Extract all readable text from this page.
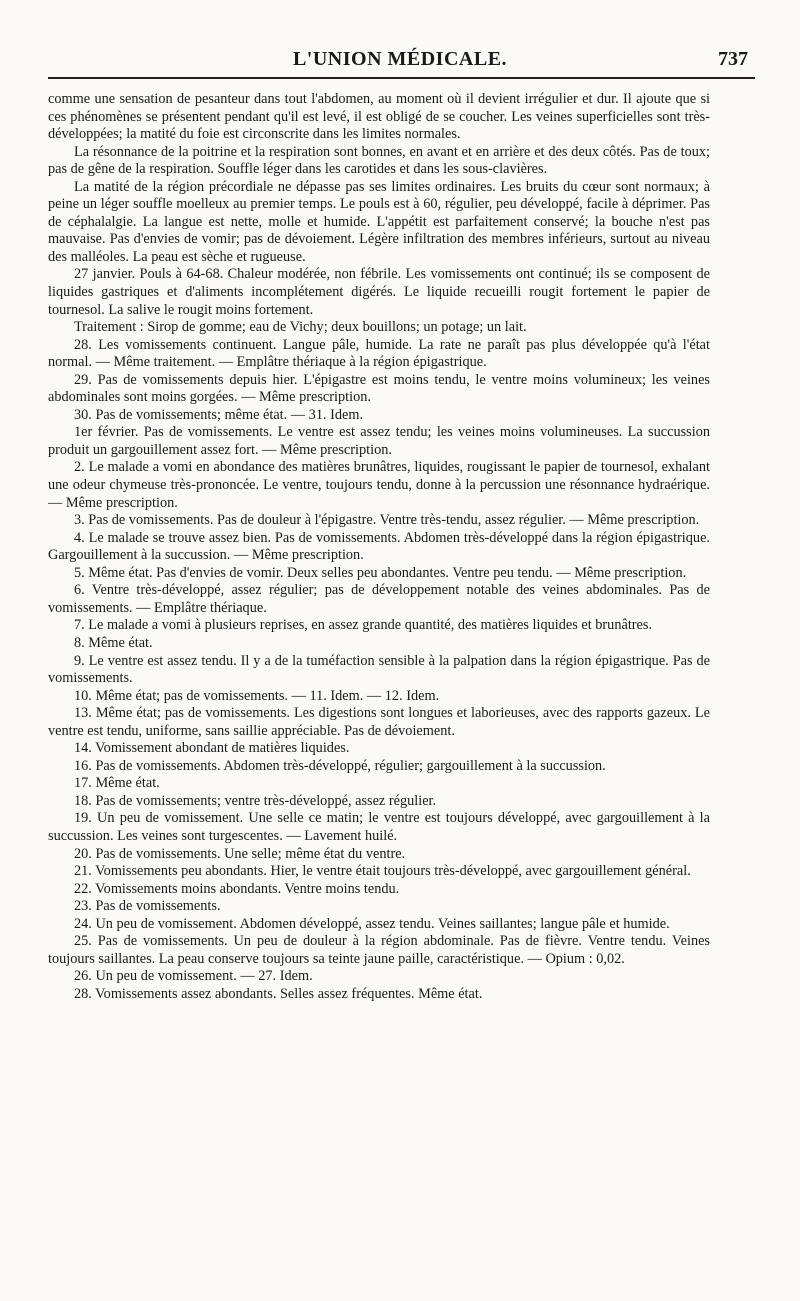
L'UNION MÉDICALE.	737

comme une sensation de pesanteur dans tout l'abdomen, au moment où il devient irrégulier et dur. Il ajoute que si ces phénomènes se présentent pendant qu'il est levé, il est obligé de se coucher. Les veines superficielles sont très-développées; la matité du foie est circonscrite dans les limites normales.

La résonnance de la poitrine et la respiration sont bonnes, en avant et en arrière et des deux côtés. Pas de toux; pas de gêne de la respiration. Souffle léger dans les carotides et dans les sous-clavières.

La matité de la région précordiale ne dépasse pas ses limites ordinaires. Les bruits du cœur sont normaux; à peine un léger souffle moelleux au premier temps. Le pouls est à 60, régulier, peu développé, facile à déprimer. Pas de céphalalgie. La langue est nette, molle et humide. L'appétit est parfaitement conservé; la bouche n'est pas mauvaise. Pas d'envies de vomir; pas de dévoiement. Légère infiltration des membres inférieurs, surtout au niveau des malléoles. La peau est sèche et rugueuse.

27 janvier. Pouls à 64-68. Chaleur modérée, non fébrile. Les vomissements ont continué; ils se composent de liquides gastriques et d'aliments incomplétement digérés. Le liquide recueilli rougit fortement le papier de tournesol. La salive le rougit moins fortement.

Traitement : Sirop de gomme; eau de Vichy; deux bouillons; un potage; un lait.

28. Les vomissements continuent. Langue pâle, humide. La rate ne paraît pas plus développée qu'à l'état normal. — Même traitement. — Emplâtre thériaque à la région épigastrique.

29. Pas de vomissements depuis hier. L'épigastre est moins tendu, le ventre moins volumineux; les veines abdominales sont moins gorgées. — Même prescription.

30. Pas de vomissements; même état. — 31. Idem.

1er février. Pas de vomissements. Le ventre est assez tendu; les veines moins volumineuses. La succussion produit un gargouillement assez fort. — Même prescription.

2. Le malade a vomi en abondance des matières brunâtres, liquides, rougissant le papier de tournesol, exhalant une odeur chymeuse très-prononcée. Le ventre, toujours tendu, donne à la percussion une résonnance hydraérique. — Même prescription.

3. Pas de vomissements. Pas de douleur à l'épigastre. Ventre très-tendu, assez régulier. — Même prescription.

4. Le malade se trouve assez bien. Pas de vomissements. Abdomen très-développé dans la région épigastrique. Gargouillement à la succussion. — Même prescription.

5. Même état. Pas d'envies de vomir. Deux selles peu abondantes. Ventre peu tendu. — Même prescription.

6. Ventre très-développé, assez régulier; pas de développement notable des veines abdominales. Pas de vomissements. — Emplâtre thériaque.

7. Le malade a vomi à plusieurs reprises, en assez grande quantité, des matières liquides et brunâtres.

8. Même état.

9. Le ventre est assez tendu. Il y a de la tuméfaction sensible à la palpation dans la région épigastrique. Pas de vomissements.

10. Même état; pas de vomissements. — 11. Idem. — 12. Idem.

13. Même état; pas de vomissements. Les digestions sont longues et laborieuses, avec des rapports gazeux. Le ventre est tendu, uniforme, sans saillie appréciable. Pas de dévoiement.

14. Vomissement abondant de matières liquides.

16. Pas de vomissements. Abdomen très-développé, régulier; gargouillement à la succussion.

17. Même état.

18. Pas de vomissements; ventre très-développé, assez régulier.

19. Un peu de vomissement. Une selle ce matin; le ventre est toujours développé, avec gargouillement à la succussion. Les veines sont turgescentes. — Lavement huilé.

20. Pas de vomissements. Une selle; même état du ventre.

21. Vomissements peu abondants. Hier, le ventre était toujours très-développé, avec gargouillement général.

22. Vomissements moins abondants. Ventre moins tendu.

23. Pas de vomissements.

24. Un peu de vomissement. Abdomen développé, assez tendu. Veines saillantes; langue pâle et humide.

25. Pas de vomissements. Un peu de douleur à la région abdominale. Pas de fièvre. Ventre tendu. Veines toujours saillantes. La peau conserve toujours sa teinte jaune paille, caractéristique. — Opium : 0,02.

26. Un peu de vomissement. — 27. Idem.

28. Vomissements assez abondants. Selles assez fréquentes. Même état.
